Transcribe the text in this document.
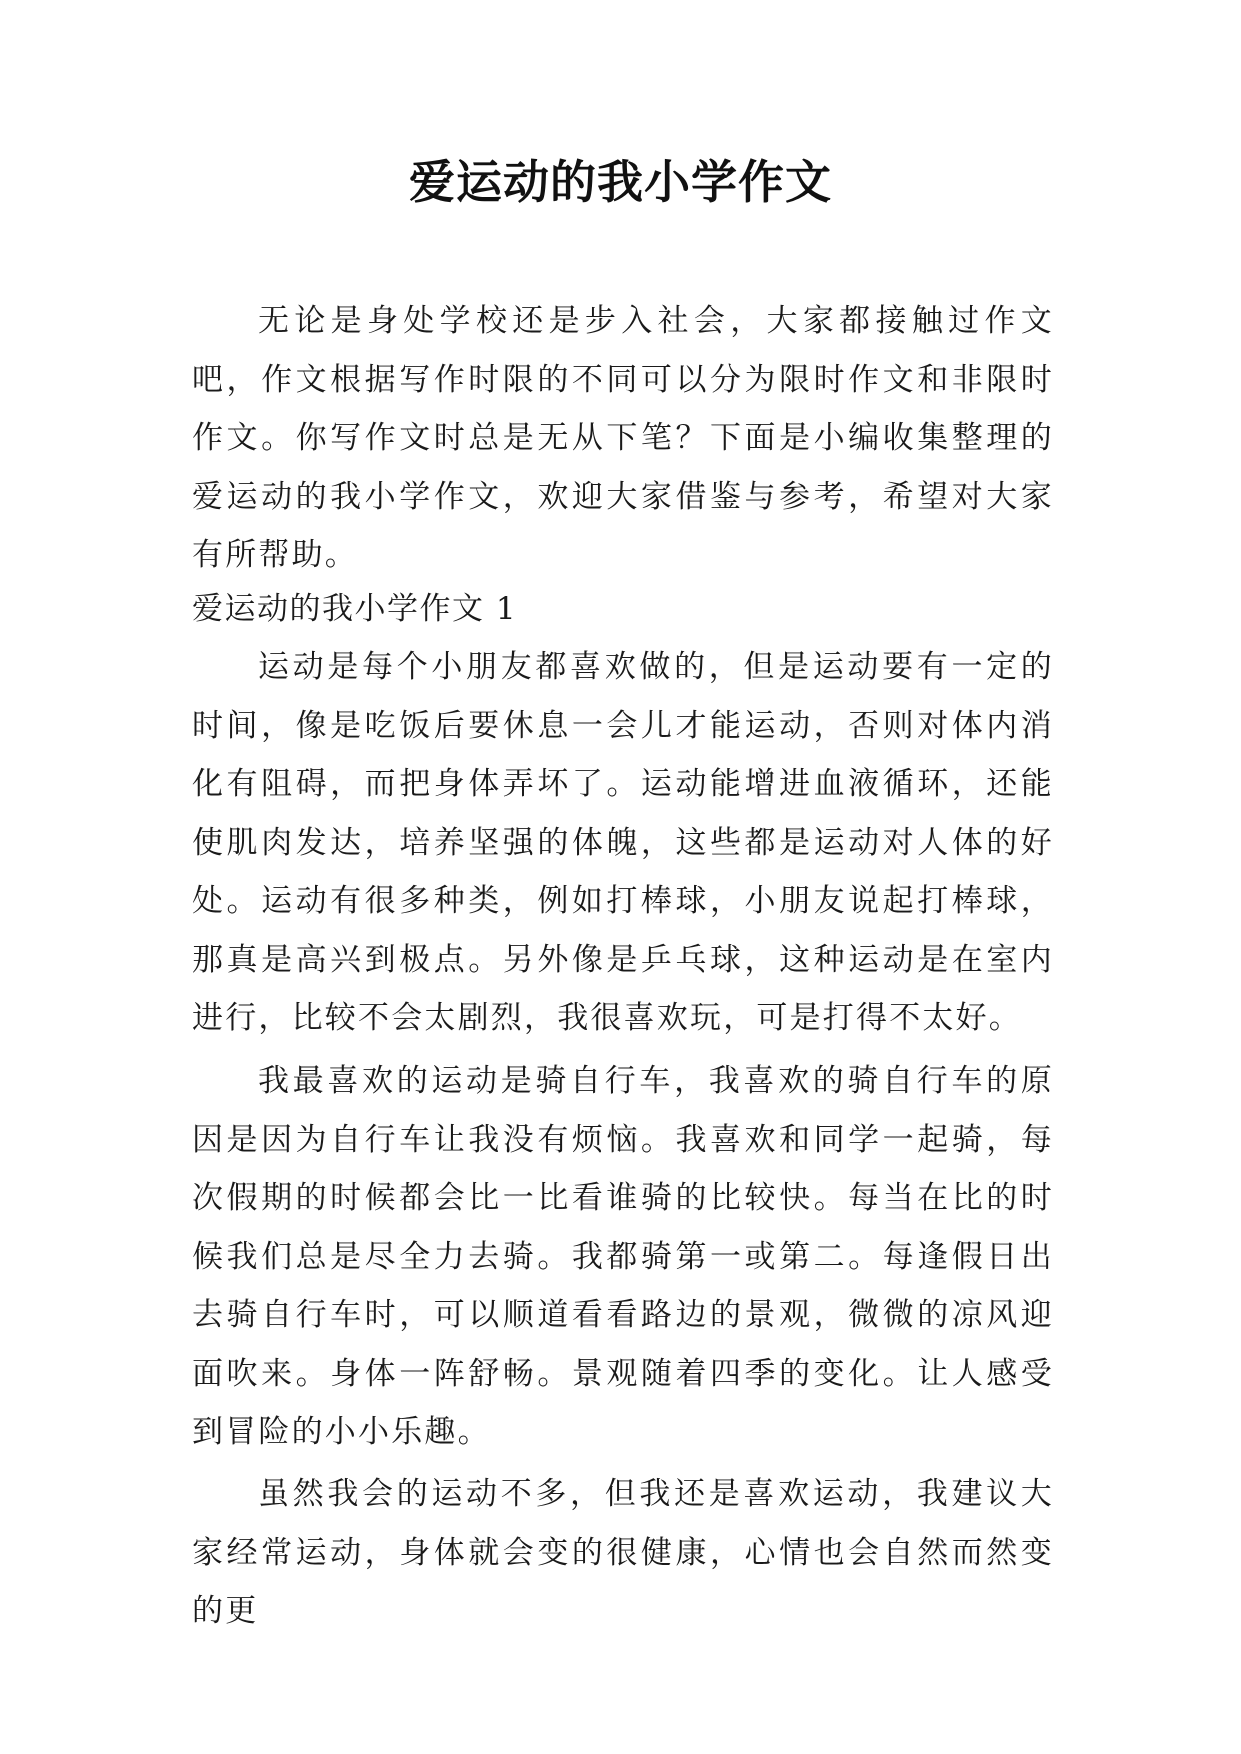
爱运动的我小学作文

无论是身处学校还是步入社会，大家都接触过作文吧，作文根据写作时限的不同可以分为限时作文和非限时作文。你写作文时总是无从下笔？下面是小编收集整理的爱运动的我小学作文，欢迎大家借鉴与参考，希望对大家有所帮助。

爱运动的我小学作文 1

运动是每个小朋友都喜欢做的，但是运动要有一定的时间，像是吃饭后要休息一会儿才能运动，否则对体内消化有阻碍，而把身体弄坏了。运动能增进血液循环，还能使肌肉发达，培养坚强的体魄，这些都是运动对人体的好处。运动有很多种类，例如打棒球，小朋友说起打棒球，那真是高兴到极点。另外像是乒乓球，这种运动是在室内进行，比较不会太剧烈，我很喜欢玩，可是打得不太好。

我最喜欢的运动是骑自行车，我喜欢的骑自行车的原因是因为自行车让我没有烦恼。我喜欢和同学一起骑，每次假期的时候都会比一比看谁骑的比较快。每当在比的时候我们总是尽全力去骑。我都骑第一或第二。每逢假日出去骑自行车时，可以顺道看看路边的景观，微微的凉风迎面吹来。身体一阵舒畅。景观随着四季的变化。让人感受到冒险的小小乐趣。

虽然我会的运动不多，但我还是喜欢运动，我建议大家经常运动，身体就会变的很健康，心情也会自然而然变的更
